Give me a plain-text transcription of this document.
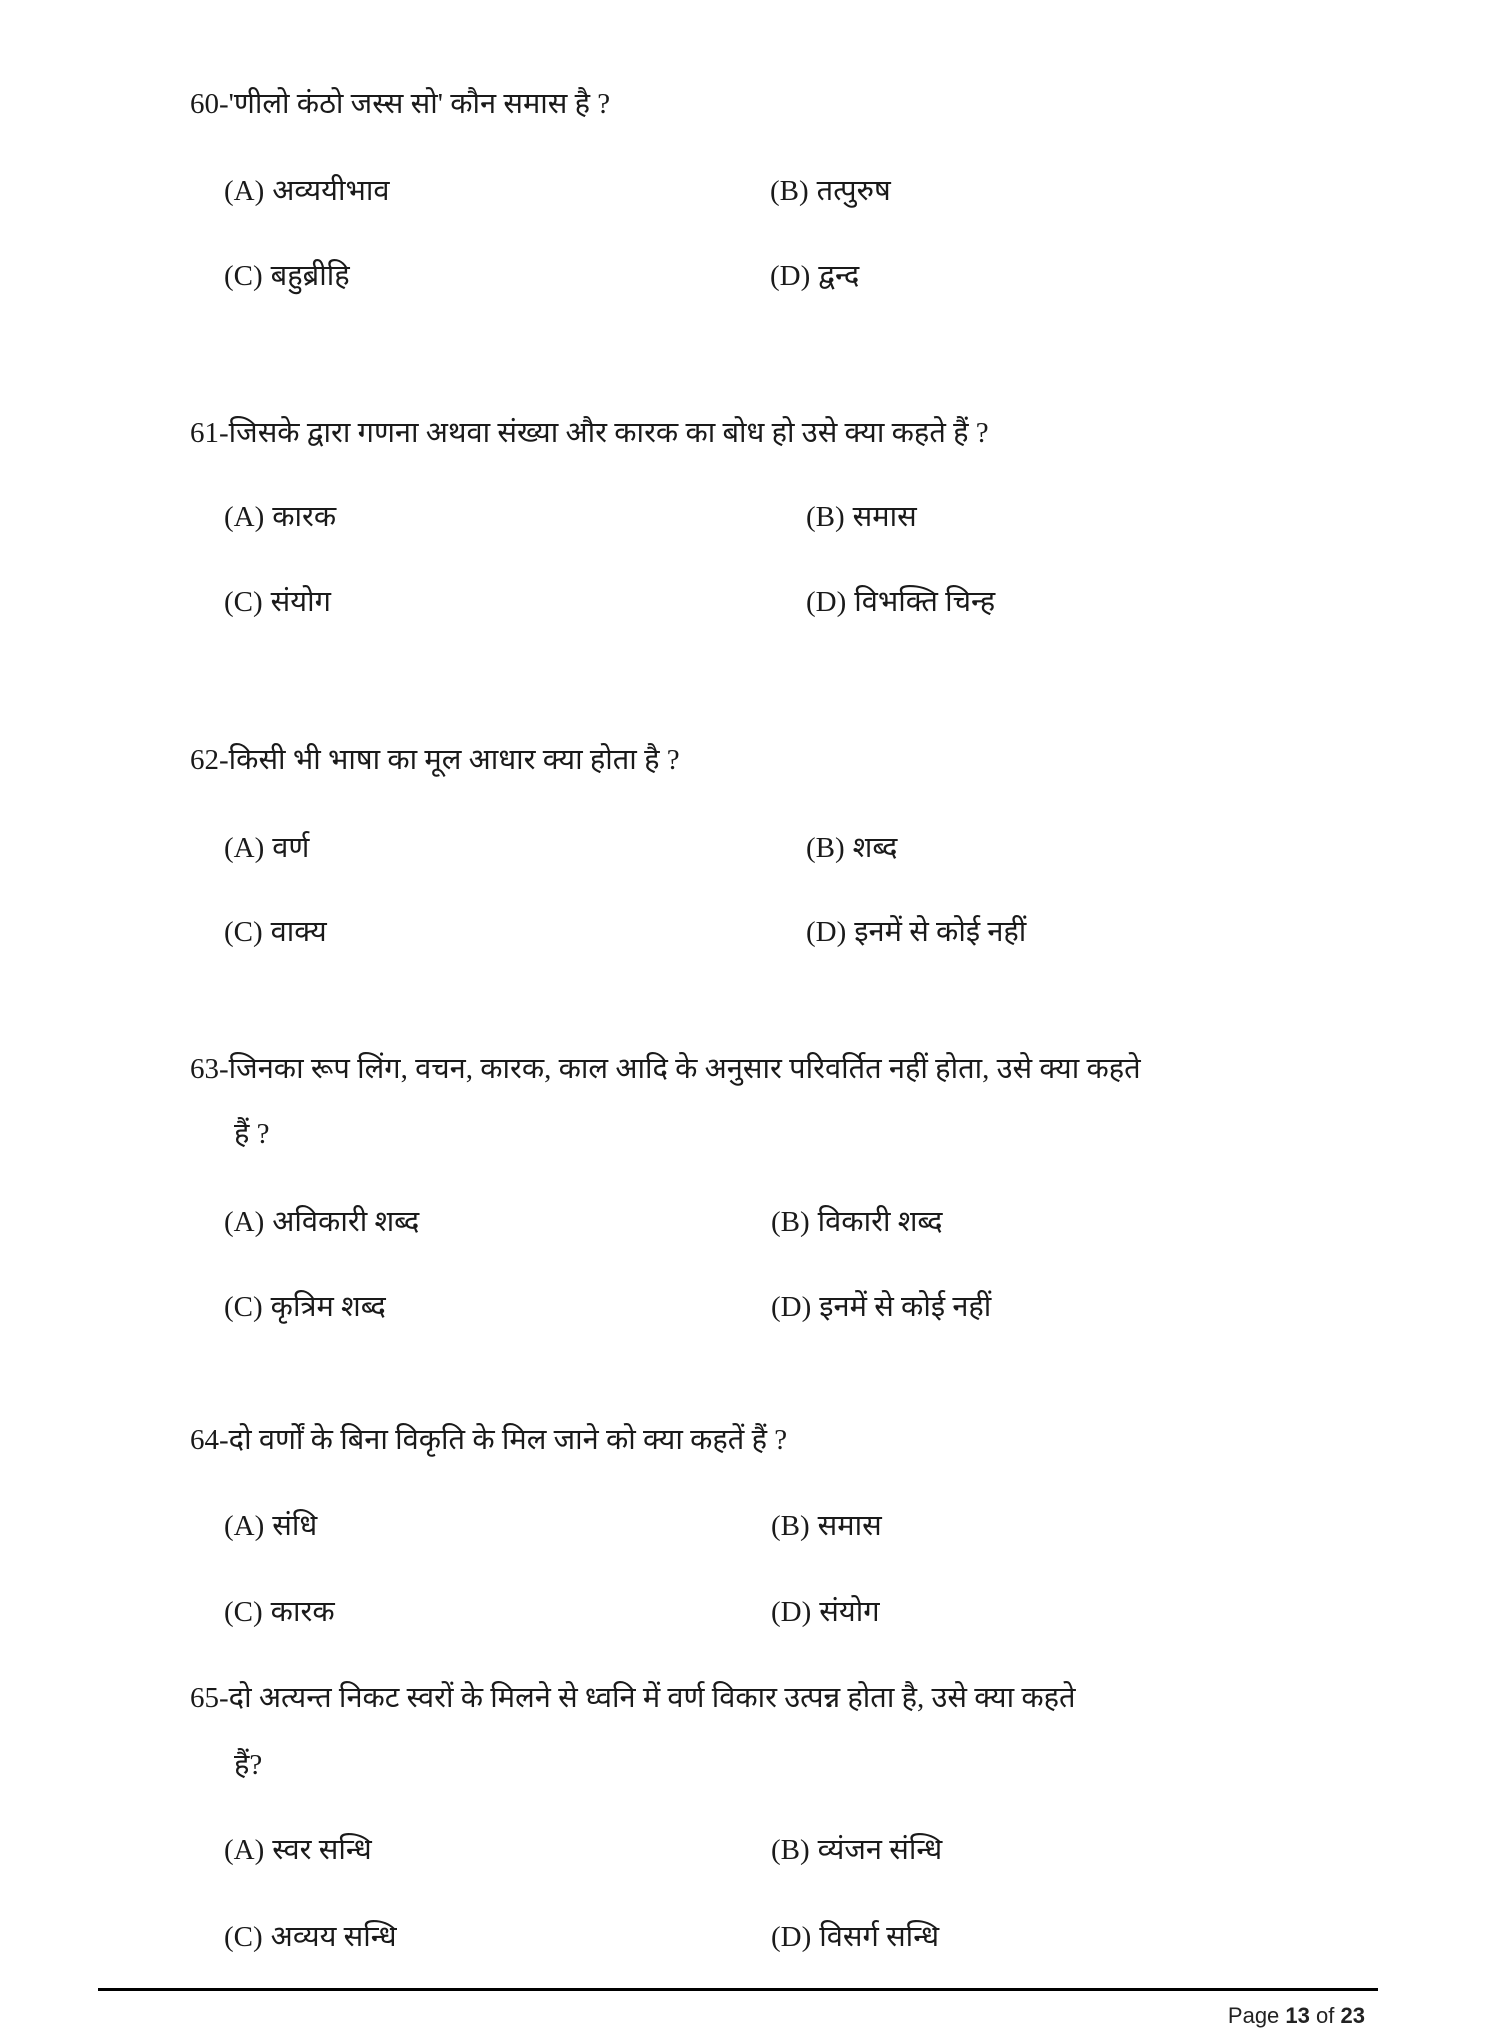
60-'णीलो कंठो जस्स सो' कौन समास है ?
(A) अव्ययीभाव	(B) तत्पुरुष
(C) बहुब्रीहि	(D) द्वन्द
61-जिसके द्वारा गणना अथवा संख्या और कारक का बोध हो उसे क्या कहते हैं ?
(A) कारक	(B) समास
(C) संयोग	(D) विभक्ति चिन्ह
62-किसी भी भाषा का मूल आधार क्या होता है ?
(A) वर्ण	(B) शब्द
(C) वाक्य	(D) इनमें से कोई नहीं
63-जिनका रूप लिंग, वचन, कारक, काल आदि के अनुसार परिवर्तित नहीं होता, उसे क्या कहते
हैं ?
(A) अविकारी शब्द	(B) विकारी शब्द
(C) कृत्रिम शब्द	(D) इनमें से कोई नहीं
64-दो वर्णों के बिना विकृति के मिल जाने को क्या कहतें हैं ?
(A) संधि	(B) समास
(C) कारक	(D) संयोग
65-दो अत्यन्त निकट स्वरों के मिलने से ध्वनि में वर्ण विकार उत्पन्न होता है, उसे क्या कहते
हैं?
(A) स्वर सन्धि	(B) व्यंजन संन्धि
(C) अव्यय सन्धि	(D) विसर्ग सन्धि
Page 13 of 23
